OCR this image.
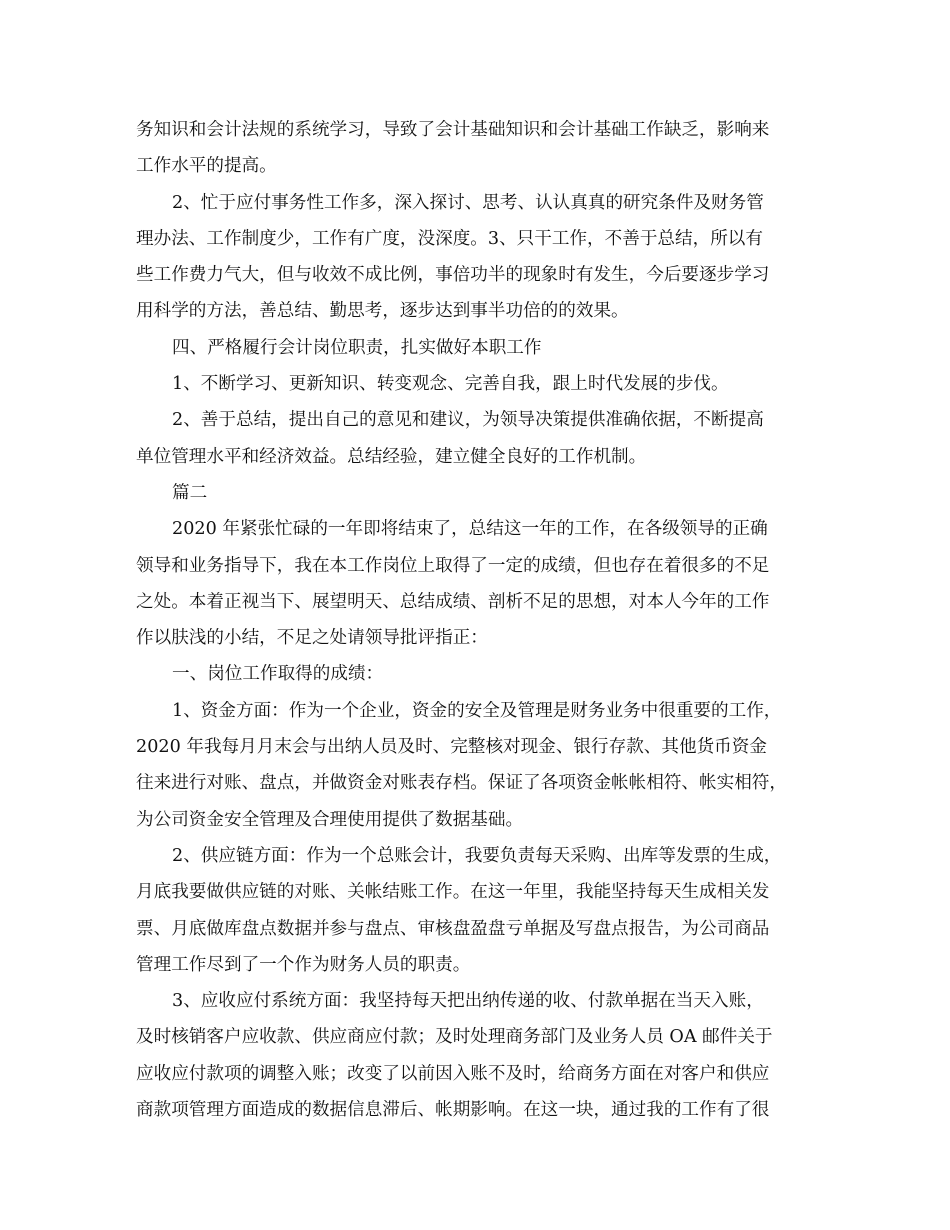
务知识和会计法规的系统学习，导致了会计基础知识和会计基础工作缺乏，影响来
工作水平的提高。
2、忙于应付事务性工作多，深入探讨、思考、认认真真的研究条件及财务管
理办法、工作制度少，工作有广度，没深度。3、只干工作，不善于总结，所以有
些工作费力气大，但与收效不成比例，事倍功半的现象时有发生，今后要逐步学习
用科学的方法，善总结、勤思考，逐步达到事半功倍的的效果。
四、严格履行会计岗位职责，扎实做好本职工作
1、不断学习、更新知识、转变观念、完善自我，跟上时代发展的步伐。
2、善于总结，提出自己的意见和建议，为领导决策提供准确依据，不断提高
单位管理水平和经济效益。总结经验，建立健全良好的工作机制。
篇二
2020 年紧张忙碌的一年即将结束了，总结这一年的工作，在各级领导的正确
领导和业务指导下，我在本工作岗位上取得了一定的成绩，但也存在着很多的不足
之处。本着正视当下、展望明天、总结成绩、剖析不足的思想，对本人今年的工作
作以肤浅的小结，不足之处请领导批评指正：
一、岗位工作取得的成绩：
1、资金方面：作为一个企业，资金的安全及管理是财务业务中很重要的工作，
2020 年我每月月末会与出纳人员及时、完整核对现金、银行存款、其他货币资金
往来进行对账、盘点，并做资金对账表存档。保证了各项资金帐帐相符、帐实相符，
为公司资金安全管理及合理使用提供了数据基础。
2、供应链方面：作为一个总账会计，我要负责每天采购、出库等发票的生成，
月底我要做供应链的对账、关帐结账工作。在这一年里，我能坚持每天生成相关发
票、月底做库盘点数据并参与盘点、审核盘盈盘亏单据及写盘点报告，为公司商品
管理工作尽到了一个作为财务人员的职责。
3、应收应付系统方面：我坚持每天把出纳传递的收、付款单据在当天入账，
及时核销客户应收款、供应商应付款；及时处理商务部门及业务人员 OA 邮件关于
应收应付款项的调整入账；改变了以前因入账不及时，给商务方面在对客户和供应
商款项管理方面造成的数据信息滞后、帐期影响。在这一块，通过我的工作有了很
